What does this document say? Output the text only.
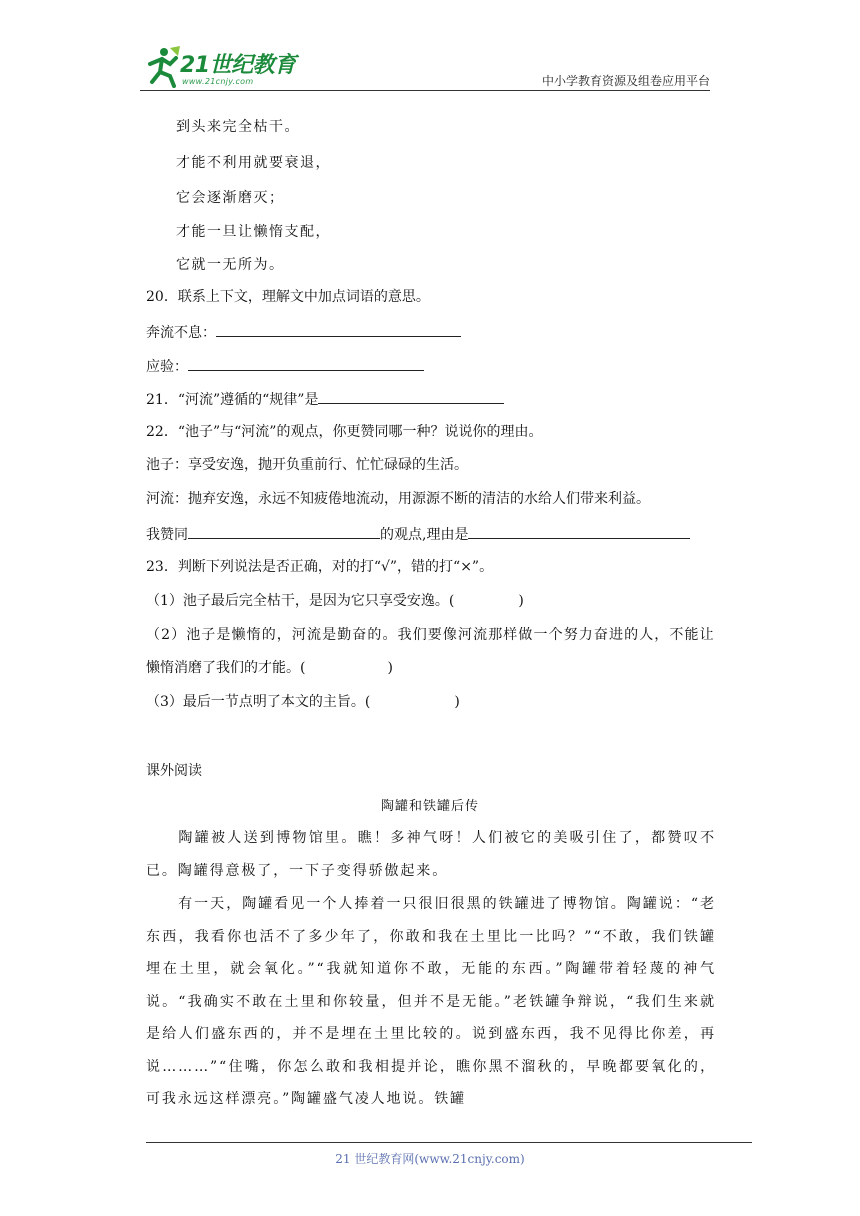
21世纪教育
www.21cnjy.com	中小学教育资源及组卷应用平台
到头来完全枯干。
才能不利用就要衰退，
它会逐渐磨灭；
才能一旦让懒惰支配，
它就一无所为。
20．联系上下文，理解文中加点词语的意思。
奔流不息：
应验：
21．“河流”遵循的“规律”是
22．“池子”与“河流”的观点，你更赞同哪一种？说说你的理由。
池子：享受安逸，抛开负重前行、忙忙碌碌的生活。
河流：抛弃安逸，永远不知疲倦地流动，用源源不断的清洁的水给人们带来利益。
我赞同	的观点,理由是
23．判断下列说法是否正确，对的打“√”，错的打“×”。
（1）池子最后完全枯干，是因为它只享受安逸。(	)
（2）池子是懒惰的，河流是勤奋的。我们要像河流那样做一个努力奋进的人，不能让
懒惰消磨了我们的才能。(	)
（3）最后一节点明了本文的主旨。(	)
课外阅读
陶罐和铁罐后传
陶罐被人送到博物馆里。瞧！多神气呀！人们被它的美吸引住了，都赞叹不已。陶罐得意极了，一下子变得骄傲起来。
有一天，陶罐看见一个人捧着一只很旧很黑的铁罐进了博物馆。陶罐说：“老东西，我看你也活不了多少年了，你敢和我在土里比一比吗？”“不敢，我们铁罐埋在土里，就会氧化。”“我就知道你不敢，无能的东西。”陶罐带着轻蔑的神气说。“我确实不敢在土里和你较量，但并不是无能。”老铁罐争辩说，“我们生来就是给人们盛东西的，并不是埋在土里比较的。说到盛东西，我不见得比你差，再说………”“住嘴，你怎么敢和我相提并论，瞧你黑不溜秋的，早晚都要氧化的，可我永远这样漂亮。”陶罐盛气凌人地说。铁罐
21 世纪教育网(www.21cnjy.com)
